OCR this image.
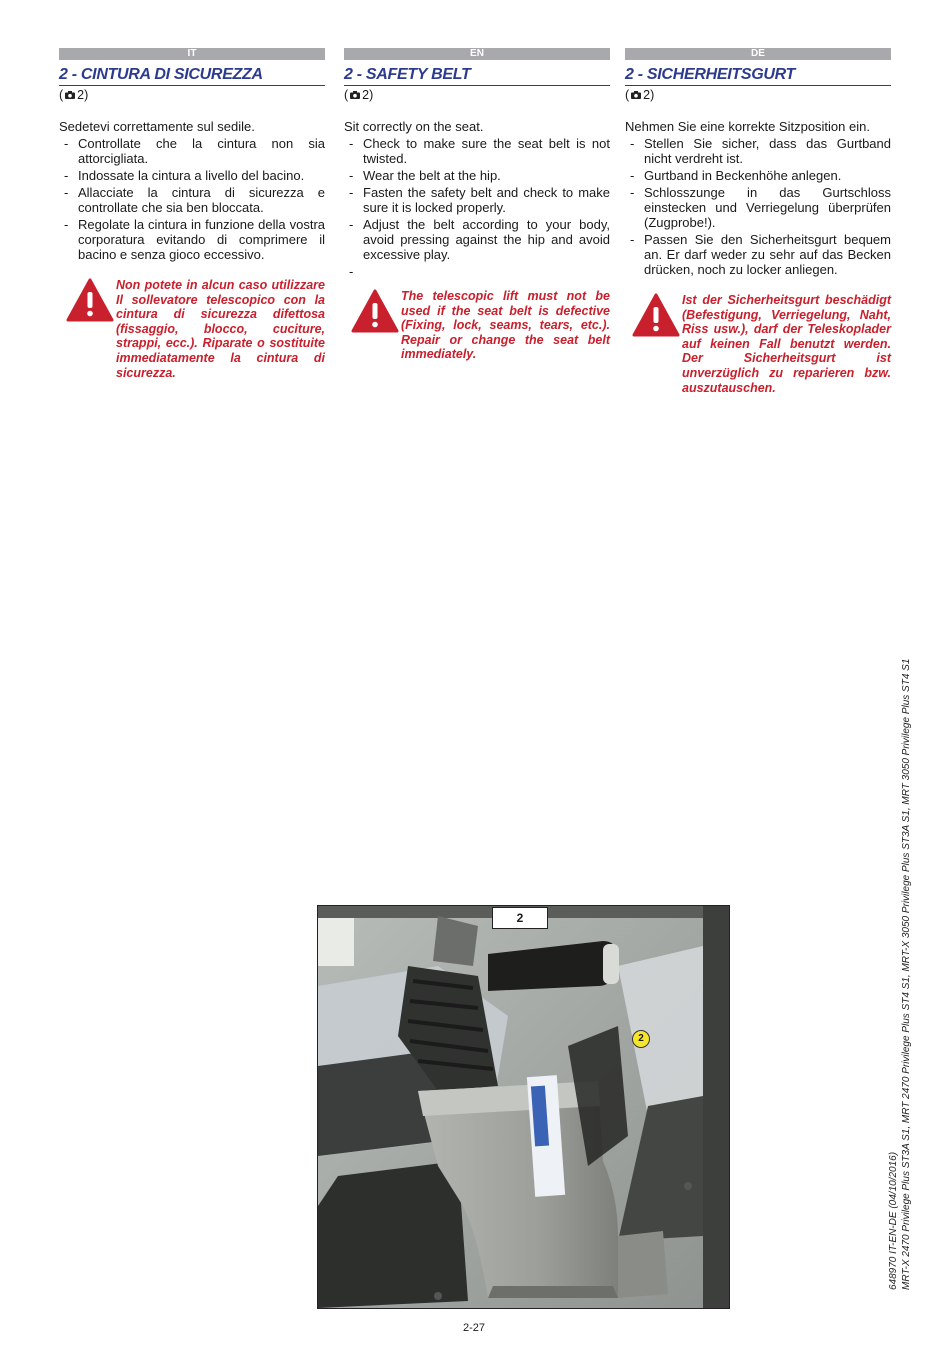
IT
2 - CINTURA DI SICUREZZA
( 2)
Sedetevi correttamente sul sedile.
- Controllate che la cintura non sia attorcigliata.
- Indossate la cintura a livello del bacino.
- Allacciate la cintura di sicurezza e controllate che sia ben bloccata.
- Regolate la cintura in funzione della vostra corporatura evitando di comprimere il bacino e senza gioco eccessivo.
Non potete in alcun caso utilizzare Il sollevatore telescopico con la cintura di sicurezza difettosa (fissaggio, blocco, cuciture, strappi, ecc.). Riparate o sostituite immediatamente la cintura di sicurezza.
EN
2 - SAFETY BELT
( 2)
Sit correctly on the seat.
- Check to make sure the seat belt is not twisted.
- Wear the belt at the hip.
- Fasten the safety belt and check to make sure it is locked properly.
- Adjust the belt according to your body, avoid pressing against the hip and avoid excessive play.
-
The telescopic lift must not be used if the seat belt is defective (Fixing, lock, seams, tears, etc.). Repair or change the seat belt immediately.
DE
2 - SICHERHEITSGURT
( 2)
Nehmen Sie eine korrekte Sitzposition ein.
- Stellen Sie sicher, dass das Gurtband nicht verdreht ist.
- Gurtband in Beckenhöhe anlegen.
- Schlosszunge in das Gurtschloss einstecken und Verriegelung überprüfen (Zugprobe!).
- Passen Sie den Sicherheitsgurt bequem an. Er darf weder zu sehr auf das Becken drücken, noch zu locker anliegen.
Ist der Sicherheitsgurt beschädigt (Befestigung, Verriegelung, Naht, Riss usw.), darf der Teleskoplader auf keinen Fall benutzt werden. Der Sicherheitsgurt ist unverzüglich zu reparieren bzw. auszutauschen.
648970 IT-EN-DE (04/10/2016) MRT-X 2470 Privilege Plus ST3A S1, MRT 2470 Privilege Plus ST4 S1, MRT-X 3050 Privilege Plus ST3A S1, MRT 3050 Privilege Plus ST4 S1
2
2
2-27
